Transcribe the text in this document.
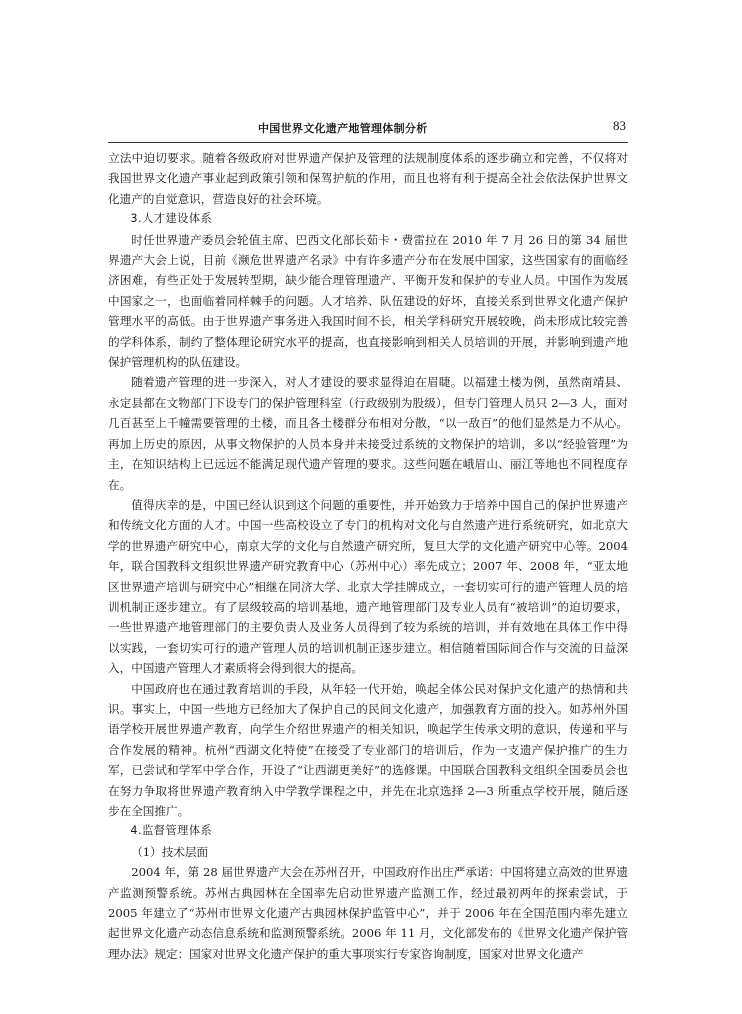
中国世界文化遗产地管理体制分析	83

立法中迫切要求。随着各级政府对世界遗产保护及管理的法规制度体系的逐步确立和完善，不仅将对我国世界文化遗产事业起到政策引领和保驾护航的作用，而且也将有利于提高全社会依法保护世界文化遗产的自觉意识，营造良好的社会环境。

3.人才建设体系

时任世界遗产委员会轮值主席、巴西文化部长茹卡・费雷拉在 2010 年 7 月 26 日的第 34 届世界遗产大会上说，目前《濒危世界遗产名录》中有许多遗产分布在发展中国家，这些国家有的面临经济困难，有些正处于发展转型期，缺少能合理管理遗产、平衡开发和保护的专业人员。中国作为发展中国家之一，也面临着同样棘手的问题。人才培养、队伍建设的好坏，直接关系到世界文化遗产保护管理水平的高低。由于世界遗产事务进入我国时间不长，相关学科研究开展较晚，尚未形成比较完善的学科体系，制约了整体理论研究水平的提高，也直接影响到相关人员培训的开展，并影响到遗产地保护管理机构的队伍建设。

随着遗产管理的进一步深入，对人才建设的要求显得迫在眉睫。以福建土楼为例，虽然南靖县、永定县都在文物部门下设专门的保护管理科室（行政级别为股级），但专门管理人员只 2—3 人，面对几百甚至上千幢需要管理的土楼，而且各土楼群分布相对分散，“以一敌百”的他们显然是力不从心。再加上历史的原因，从事文物保护的人员本身并未接受过系统的文物保护的培训，多以“经验管理”为主，在知识结构上已远远不能满足现代遗产管理的要求。这些问题在峨眉山、丽江等地也不同程度存在。

值得庆幸的是，中国已经认识到这个问题的重要性，并开始致力于培养中国自己的保护世界遗产和传统文化方面的人才。中国一些高校设立了专门的机构对文化与自然遗产进行系统研究，如北京大学的世界遗产研究中心，南京大学的文化与自然遗产研究所，复旦大学的文化遗产研究中心等。2004 年，联合国教科文组织世界遗产研究教育中心（苏州中心）率先成立；2007 年、2008 年，“亚太地区世界遗产培训与研究中心”相继在同济大学、北京大学挂牌成立，一套切实可行的遗产管理人员的培训机制正逐步建立。有了层级较高的培训基地，遗产地管理部门及专业人员有“被培训”的迫切要求，一些世界遗产地管理部门的主要负责人及业务人员得到了较为系统的培训，并有效地在具体工作中得以实践，一套切实可行的遗产管理人员的培训机制正逐步建立。相信随着国际间合作与交流的日益深入，中国遗产管理人才素质将会得到很大的提高。

中国政府也在通过教育培训的手段，从年轻一代开始，唤起全体公民对保护文化遗产的热情和共识。事实上，中国一些地方已经加大了保护自己的民间文化遗产，加强教育方面的投入。如苏州外国语学校开展世界遗产教育，向学生介绍世界遗产的相关知识，唤起学生传承文明的意识，传递和平与合作发展的精神。杭州“西湖文化特使”在接受了专业部门的培训后，作为一支遗产保护推广的生力军，已尝试和学军中学合作，开设了“让西湖更美好”的选修课。中国联合国教科文组织全国委员会也在努力争取将世界遗产教育纳入中学教学课程之中，并先在北京选择 2—3 所重点学校开展，随后逐步在全国推广。

4.监督管理体系

（1）技术层面

2004 年，第 28 届世界遗产大会在苏州召开，中国政府作出庄严承诺：中国将建立高效的世界遗产监测预警系统。苏州古典园林在全国率先启动世界遗产监测工作，经过最初两年的探索尝试，于 2005 年建立了“苏州市世界文化遗产古典园林保护监管中心”，并于 2006 年在全国范围内率先建立起世界文化遗产动态信息系统和监测预警系统。2006 年 11 月，文化部发布的《世界文化遗产保护管理办法》规定：国家对世界文化遗产保护的重大事项实行专家咨询制度，国家对世界文化遗产
